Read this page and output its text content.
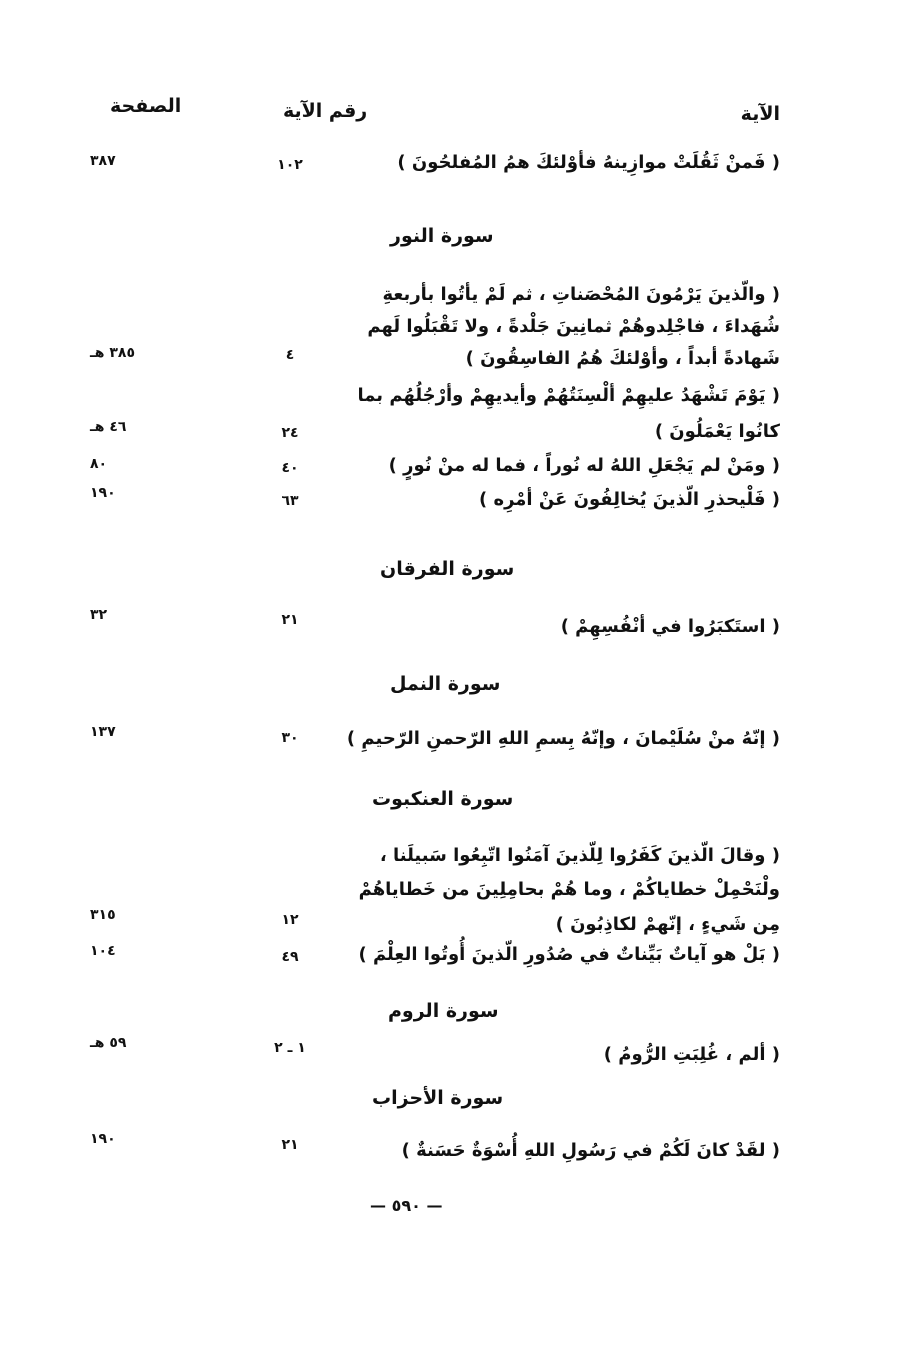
الآية
رقم الآية
الصفحة
( فَمنْ ثَقُلَتْ موازِينهُ فأوْلئكَ همُ المُفلحُونَ )
١٠٢
٣٨٧
سورة النور
( والّذينَ يَرْمُونَ المُحْصَناتِ ، ثم لَمْ يأتُوا بأربعةِ
شُهَداءَ ، فاجْلِدوهُمْ ثمانِينَ جَلْدةً ، ولا تَقْبَلُوا لَهم
شَهادةً أبداً ، وأوْلئكَ هُمُ الفاسِقُونَ )
٤
٣٨٥ هـ
( يَوْمَ تَشْهَدُ عليهِمْ ألْسِنَتُهُمْ وأيديهِمْ وأرْجُلُهُم بما
كانُوا يَعْمَلُونَ )
٢٤
٤٦ هـ
( ومَنْ لم يَجْعَلِ اللهُ له نُوراً ، فما له منْ نُورٍ )
٤٠
٨٠
( فَلْيحذرِ الّذينَ يُخالِفُونَ عَنْ أمْرِه )
٦٣
١٩٠
سورة الفرقان
( استَكبَرُوا في أنْفُسِهِمْ )
٢١
٣٢
سورة النمل
( إنّهُ منْ سُلَيْمانَ ، وإنّهُ بِسمِ اللهِ الرّحمنِ الرّحيمِ )
٣٠
١٣٧
سورة العنكبوت
( وقالَ الّذينَ كَفَرُوا لِلّذينَ آمَنُوا اتّبِعُوا سَبيلَنا ،
ولْنَحْمِلْ خطاياكُمْ ، وما هُمْ بحامِلِينَ من خَطاياهُمْ
مِن شَيءٍ ، إنّهمْ لكاذِبُونَ )
١٢
٣١٥
( بَلْ هو آياتٌ بَيِّناتٌ في صُدُورِ الّذينَ أُوتُوا العِلْمَ )
٤٩
١٠٤
سورة الروم
( ألم ، غُلِبَتِ الرُّومُ )
١ ـ ٢
٥٩ هـ
سورة الأحزاب
( لقَدْ كانَ لَكُمْ في رَسُولِ اللهِ أُسْوَةٌ حَسَنةٌ )
٢١
١٩٠
— ٥٩٠ —
